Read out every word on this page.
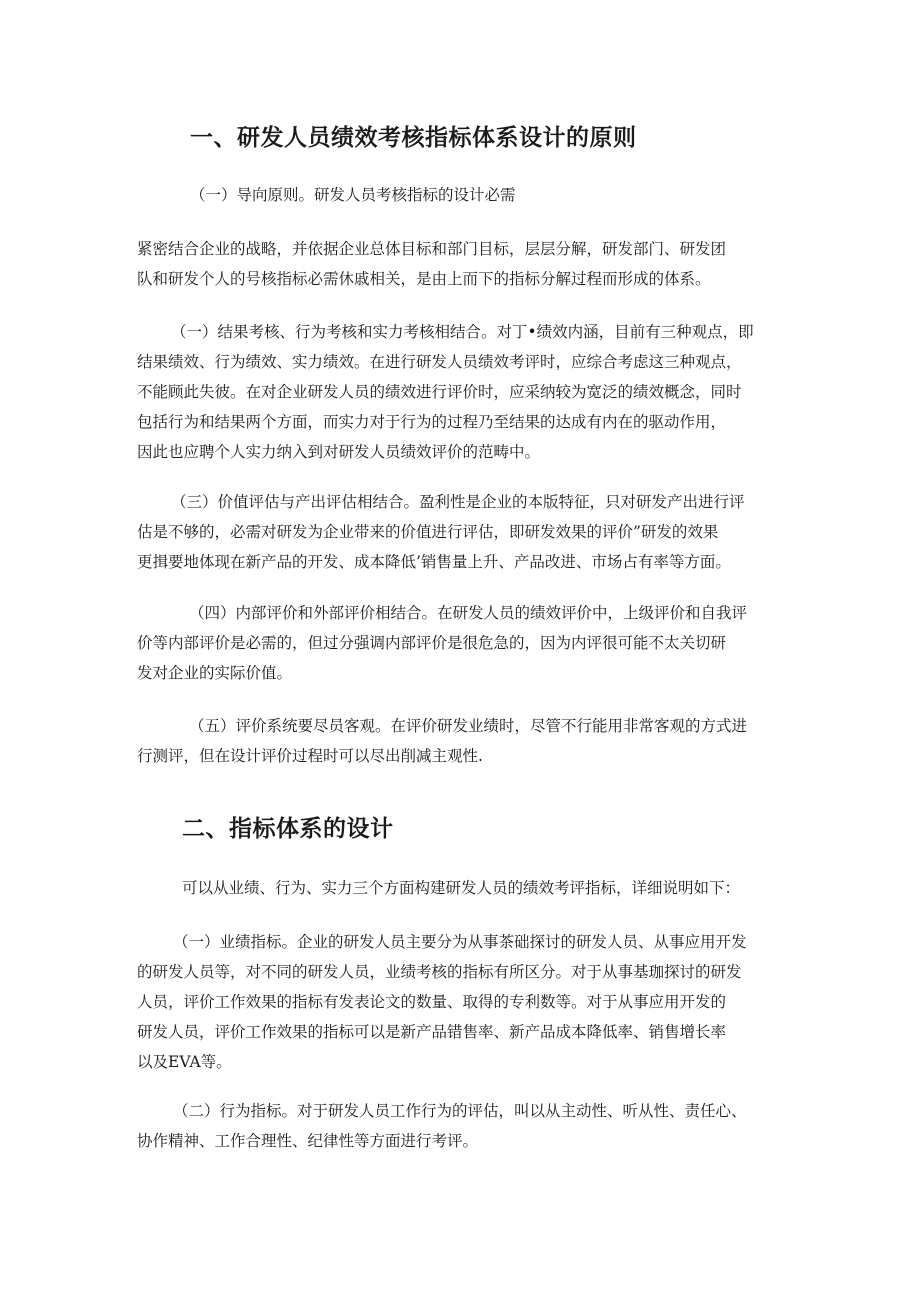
一、研发人员绩效考核指标体系设计的原则
（一）导向原则。研发人员考核指标的设计必需
紧密结合企业的战略，并依据企业总体目标和部门目标，层层分解，研发部门、研发团
队和研发个人的号核指标必需休戚相关，是由上而下的指标分解过程而形成的体系。
（一）结果考核、行为考核和实力考核相结合。对丁•绩效内涵，目前有三种观点，即
结果绩效、行为绩效、实力绩效。在进行研发人员绩效考评时，应综合考虑这三种观点，
不能顾此失彼。在对企业研发人员的绩效进行评价时，应采纳较为宽泛的绩效概念，同时
包括行为和结果两个方面，而实力对于行为的过程乃至结果的达成有内在的驱动作用，
因此也应聘个人实力纳入到对研发人员绩效评价的范畴中。
（三）价值评估与产出评估相结合。盈利性是企业的本版特征，只对研发产出进行评
估是不够的，必需对研发为企业带来的价值进行评估，即研发效果的评价”研发的效果
更揖要地体现在新产品的开发、成本降低’销售量上升、产品改进、市场占有率等方面。
（四）内部评价和外部评价相结合。在研发人员的绩效评价中，上级评价和自我评
价等内部评价是必需的，但过分强调内部评价是很危急的，因为内评很可能不太关切研
发对企业的实际价值。
（五）评价系统要尽员客观。在评价研发业绩时，尽管不行能用非常客观的方式进
行测评，但在设计评价过程时可以尽出削减主观性.
二、指标体系的设计
可以从业绩、行为、实力三个方面构建研发人员的绩效考评指标，详细说明如下：
（一）业绩指标。企业的研发人员主要分为从事茶础探讨的研发人员、从事应用开发
的研发人员等，对不同的研发人员，业绩考核的指标有所区分。对于从事基珈探讨的研发
人员，评价工作效果的指标有发表论文的数量、取得的专利数等。对于从事应用开发的
研发人员，评价工作效果的指标可以是新产品错售率、新产品成本降低率、销售增长率
以及EVA等。
（二）行为指标。对于研发人员工作行为的评估，叫以从主动性、听从性、责任心、
协作精神、工作合理性、纪律性等方面进行考评。
